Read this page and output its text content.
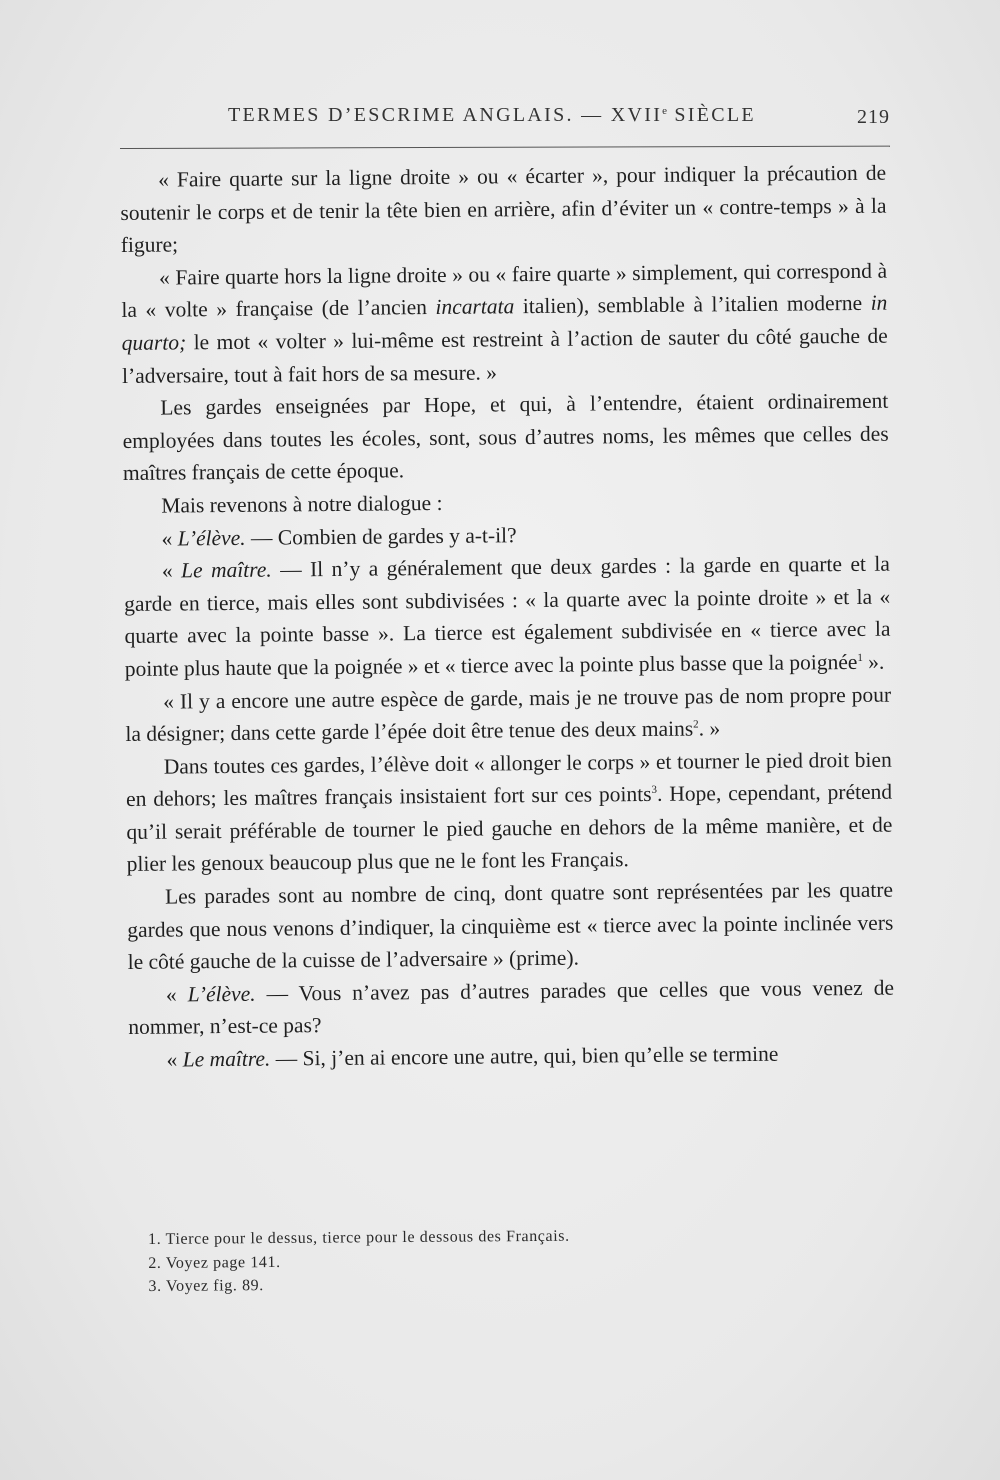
TERMES D’ESCRIME ANGLAIS. — XVIIe SIÈCLE	219

« Faire quarte sur la ligne droite » ou « écarter », pour indiquer la précaution de soutenir le corps et de tenir la tête bien en arrière, afin d’éviter un « contre-temps » à la figure;

« Faire quarte hors la ligne droite » ou « faire quarte » simplement, qui correspond à la « volte » française (de l’ancien incartata italien), semblable à l’italien moderne in quarto; le mot « volter » lui-même est restreint à l’action de sauter du côté gauche de l’adversaire, tout à fait hors de sa mesure. »

Les gardes enseignées par Hope, et qui, à l’entendre, étaient ordinairement employées dans toutes les écoles, sont, sous d’autres noms, les mêmes que celles des maîtres français de cette époque.

Mais revenons à notre dialogue :

« L’élève. — Combien de gardes y a-t-il?

« Le maître. — Il n’y a généralement que deux gardes : la garde en quarte et la garde en tierce, mais elles sont subdivisées : « la quarte avec la pointe droite » et la « quarte avec la pointe basse ». La tierce est également subdivisée en « tierce avec la pointe plus haute que la poignée » et « tierce avec la pointe plus basse que la poignée$^1$ ».

« Il y a encore une autre espèce de garde, mais je ne trouve pas de nom propre pour la désigner; dans cette garde l’épée doit être tenue des deux mains$^2$. »

Dans toutes ces gardes, l’élève doit « allonger le corps » et tourner le pied droit bien en dehors; les maîtres français insistaient fort sur ces points$^3$. Hope, cependant, prétend qu’il serait préférable de tourner le pied gauche en dehors de la même manière, et de plier les genoux beaucoup plus que ne le font les Français.

Les parades sont au nombre de cinq, dont quatre sont représentées par les quatre gardes que nous venons d’indiquer, la cinquième est « tierce avec la pointe inclinée vers le côté gauche de la cuisse de l’adversaire » (prime).

« L’élève. — Vous n’avez pas d’autres parades que celles que vous venez de nommer, n’est-ce pas?

« Le maître. — Si, j’en ai encore une autre, qui, bien qu’elle se termine

1. Tierce pour le dessus, tierce pour le dessous des Français.
2. Voyez page 141.
3. Voyez fig. 89.
